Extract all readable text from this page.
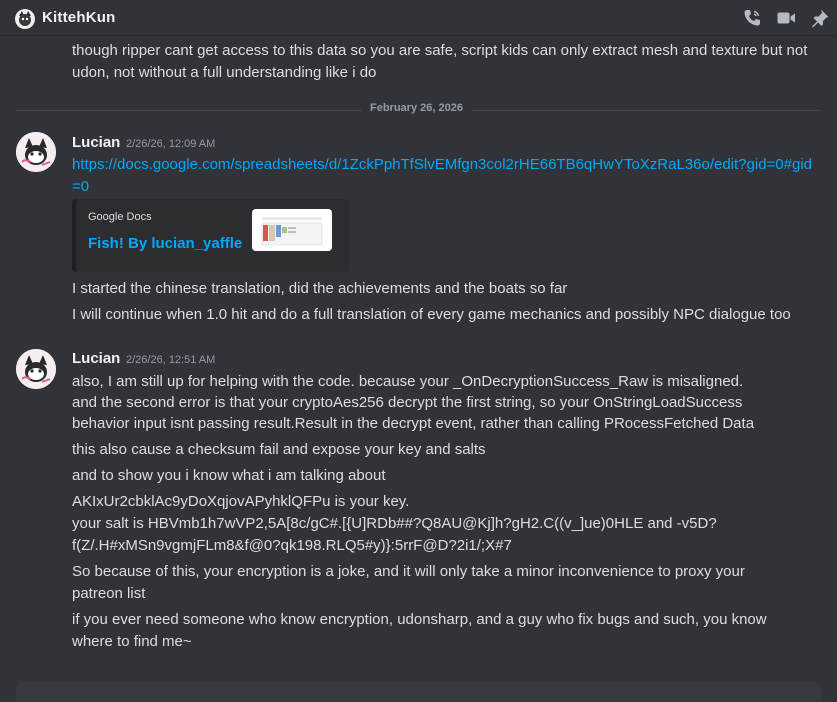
KittehKun
though ripper cant get access to this data so you are safe, script kids can only extract mesh and texture but not udon, not without a full understanding like i do
February 26, 2026
Lucian 2/26/26, 12:09 AM
https://docs.google.com/spreadsheets/d/1ZckPphTfSlvEMfgn3col2rHE66TB6qHwYToXzRaL36o/edit?gid=0#gid=0
Google Docs
Fish! By lucian_yaffle
I started the chinese translation, did the achievements and the boats so far
I will continue when 1.0 hit and do a full translation of every game mechanics and possibly NPC dialogue too
Lucian 2/26/26, 12:51 AM
also, I am still up for helping with the code. because your _OnDecryptionSuccess_Raw is misaligned.
and the second error is that your cryptoAes256 decrypt the first string, so your OnStringLoadSuccess
behavior input isnt passing result.Result in the decrypt event, rather than calling PRocessFetched Data
this also cause a checksum fail and expose your key and salts
and to show you i know what i am talking about
AKIxUr2cbklAc9yDoXqjovAPyhklQFPu is your key.
your salt is HBVmb1h7wVP2,5A[8c/gC#.[{U]RDb##?Q8AU@Kj]h?gH2.C((v_]ue)0HLE and -v5D?
f(Z/.H#xMSn9vgmjFLm8&f@0?qk198.RLQ5#y)}:5rrF@D?2i1/;X#7
So because of this, your encryption is a joke, and it will only take a minor inconvenience to proxy your
patreon list
if you ever need someone who know encryption, udonsharp, and a guy who fix bugs and such, you know
where to find me~
